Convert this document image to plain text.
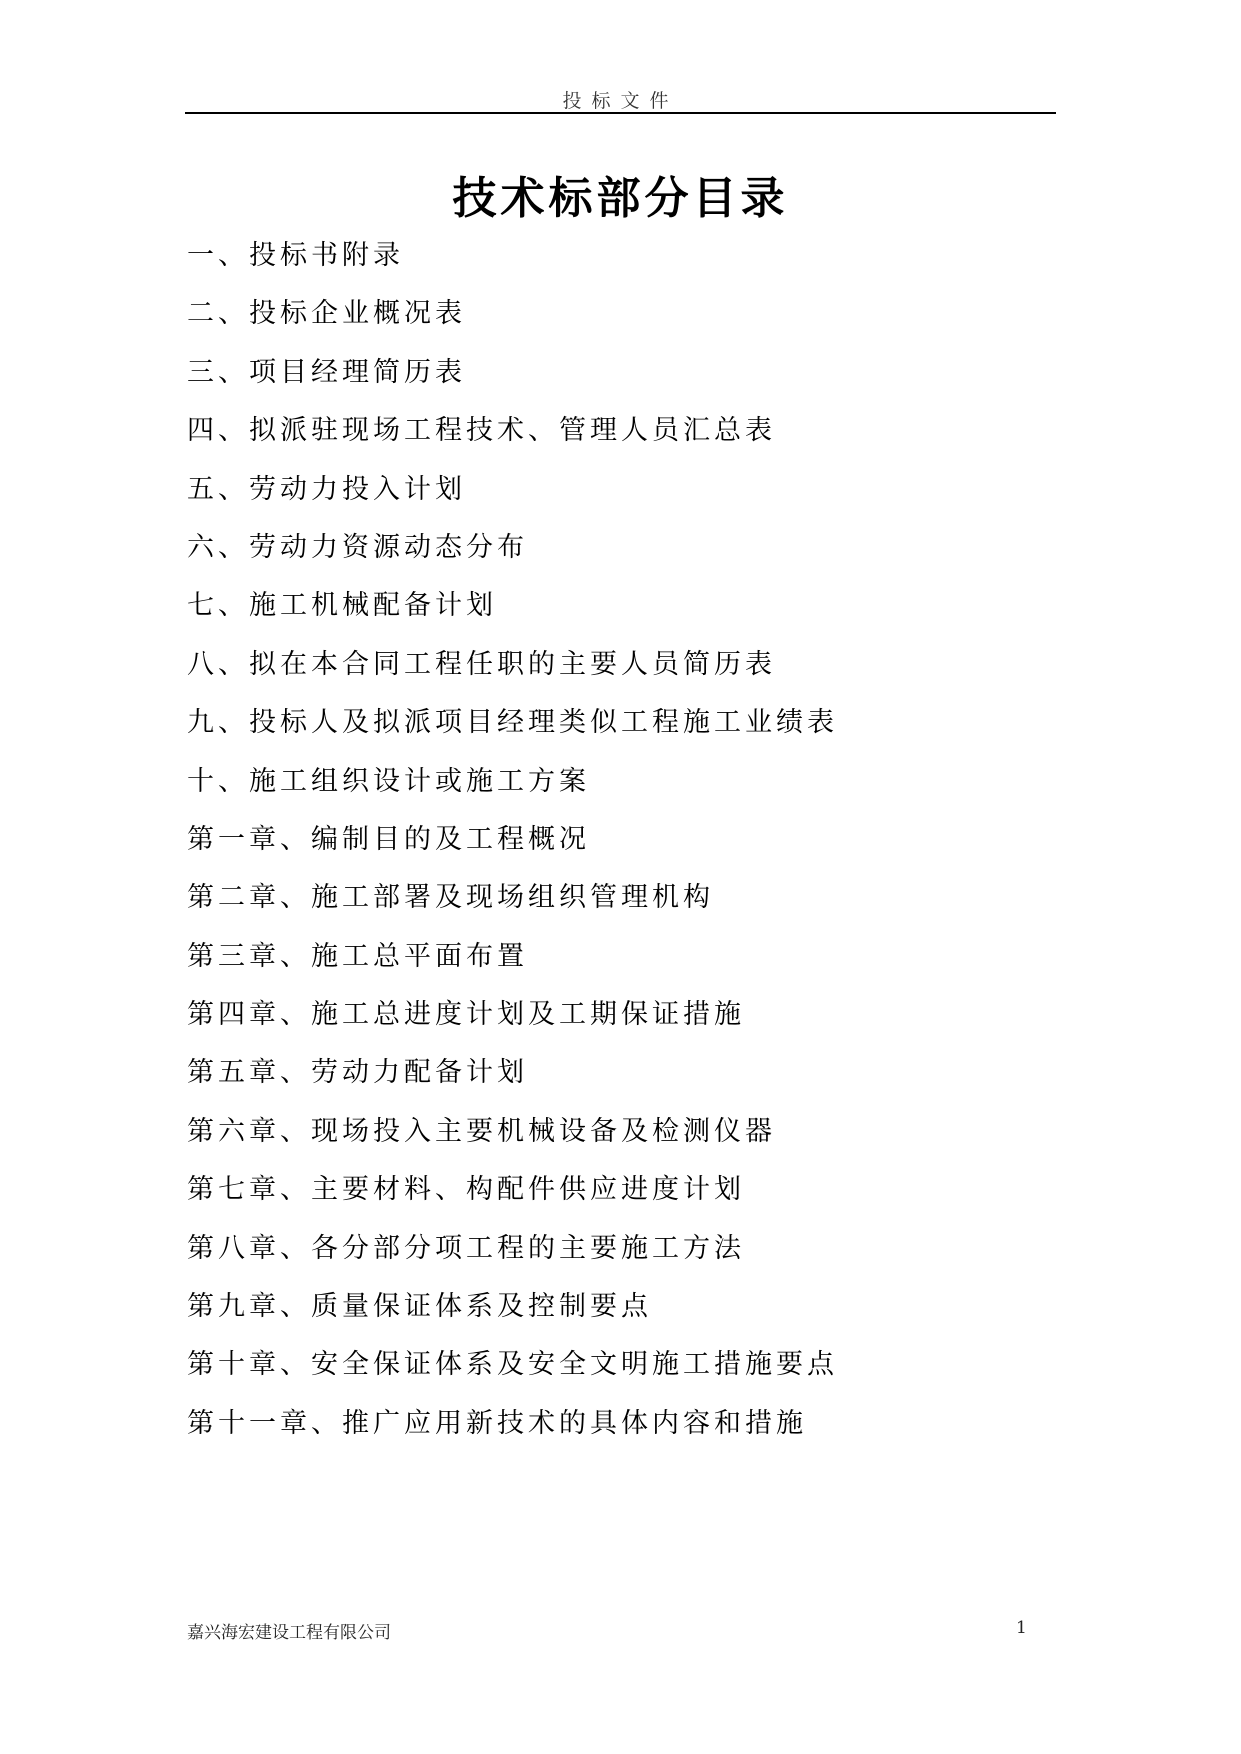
投标文件
技术标部分目录
一、投标书附录
二、投标企业概况表
三、项目经理简历表
四、拟派驻现场工程技术、管理人员汇总表
五、劳动力投入计划
六、劳动力资源动态分布
七、施工机械配备计划
八、拟在本合同工程任职的主要人员简历表
九、投标人及拟派项目经理类似工程施工业绩表
十、施工组织设计或施工方案
第一章、编制目的及工程概况
第二章、施工部署及现场组织管理机构
第三章、施工总平面布置
第四章、施工总进度计划及工期保证措施
第五章、劳动力配备计划
第六章、现场投入主要机械设备及检测仪器
第七章、主要材料、构配件供应进度计划
第八章、各分部分项工程的主要施工方法
第九章、质量保证体系及控制要点
第十章、安全保证体系及安全文明施工措施要点
第十一章、推广应用新技术的具体内容和措施
嘉兴海宏建设工程有限公司	1
